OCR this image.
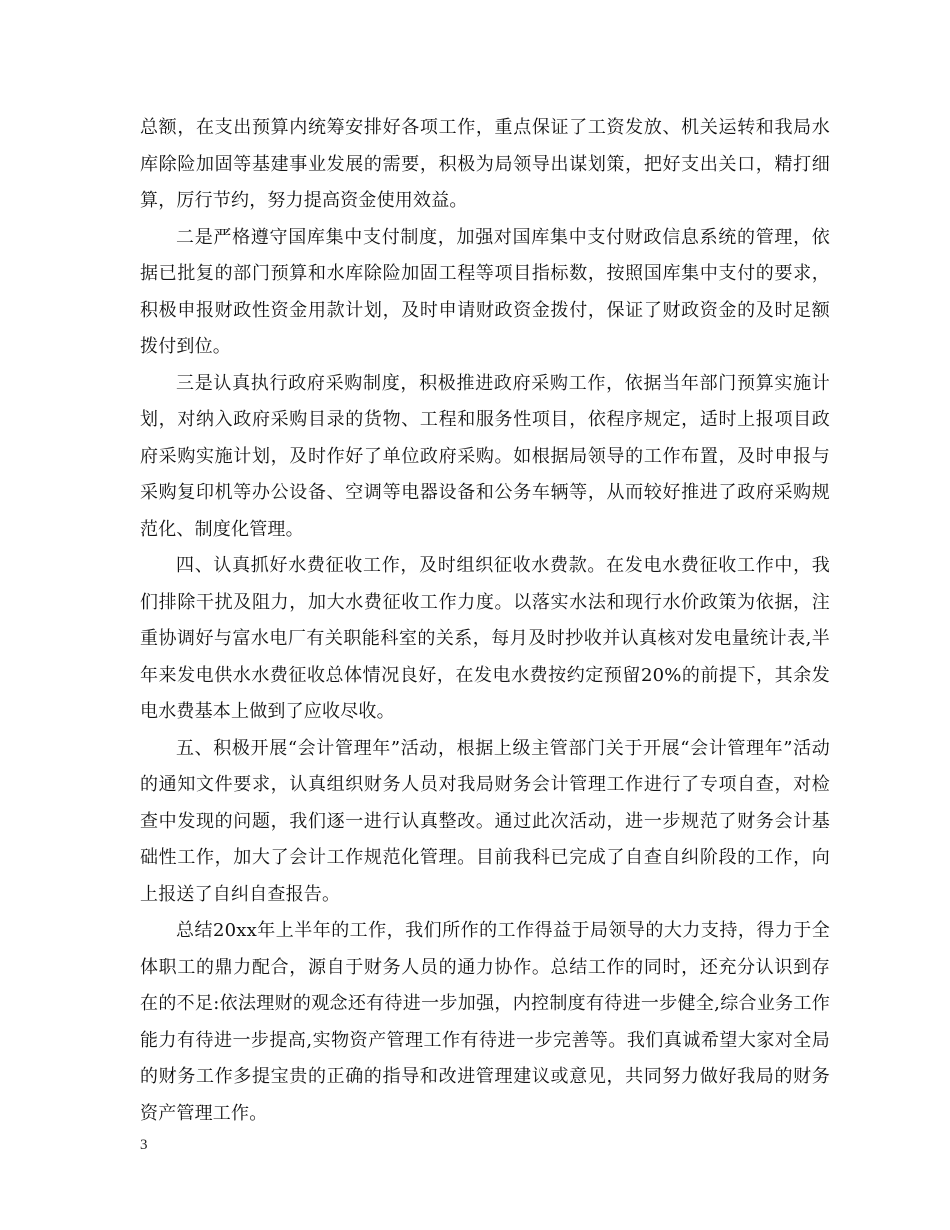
总额，在支出预算内统筹安排好各项工作，重点保证了工资发放、机关运转和我局水库除险加固等基建事业发展的需要，积极为局领导出谋划策，把好支出关口，精打细算，厉行节约，努力提高资金使用效益。

二是严格遵守国库集中支付制度，加强对国库集中支付财政信息系统的管理，依据已批复的部门预算和水库除险加固工程等项目指标数，按照国库集中支付的要求，积极申报财政性资金用款计划，及时申请财政资金拨付，保证了财政资金的及时足额拨付到位。

三是认真执行政府采购制度，积极推进政府采购工作，依据当年部门预算实施计划，对纳入政府采购目录的货物、工程和服务性项目，依程序规定，适时上报项目政府采购实施计划，及时作好了单位政府采购。如根据局领导的工作布置，及时申报与采购复印机等办公设备、空调等电器设备和公务车辆等，从而较好推进了政府采购规范化、制度化管理。

四、认真抓好水费征收工作，及时组织征收水费款。在发电水费征收工作中，我们排除干扰及阻力，加大水费征收工作力度。以落实水法和现行水价政策为依据，注重协调好与富水电厂有关职能科室的关系，每月及时抄收并认真核对发电量统计表,半年来发电供水水费征收总体情况良好，在发电水费按约定预留20%的前提下，其余发电水费基本上做到了应收尽收。

五、积极开展“会计管理年”活动，根据上级主管部门关于开展“会计管理年”活动的通知文件要求，认真组织财务人员对我局财务会计管理工作进行了专项自查，对检查中发现的问题，我们逐一进行认真整改。通过此次活动，进一步规范了财务会计基础性工作，加大了会计工作规范化管理。目前我科已完成了自查自纠阶段的工作，向上报送了自纠自查报告。

总结20xx年上半年的工作，我们所作的工作得益于局领导的大力支持，得力于全体职工的鼎力配合，源自于财务人员的通力协作。总结工作的同时，还充分认识到存在的不足:依法理财的观念还有待进一步加强，内控制度有待进一步健全,综合业务工作能力有待进一步提高,实物资产管理工作有待进一步完善等。我们真诚希望大家对全局的财务工作多提宝贵的正确的指导和改进管理建议或意见，共同努力做好我局的财务资产管理工作。

3
